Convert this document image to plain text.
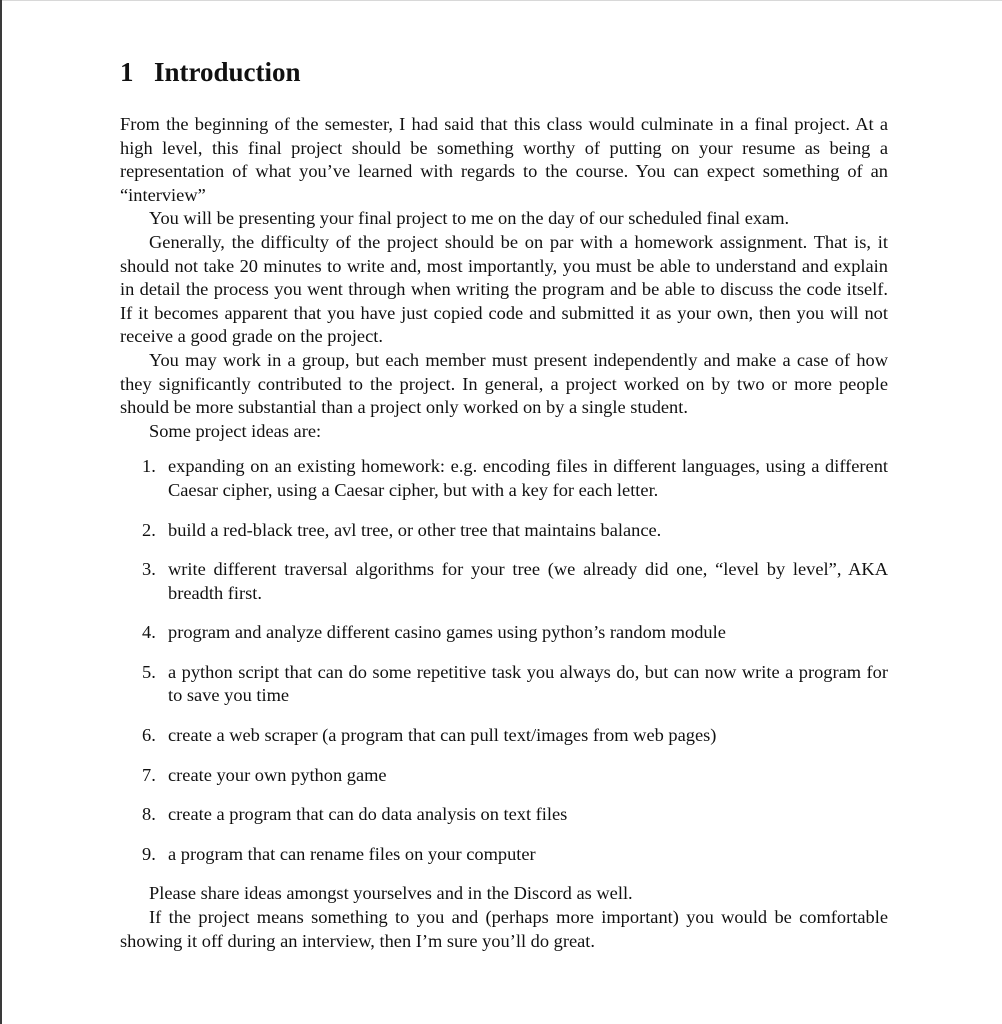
1 Introduction

From the beginning of the semester, I had said that this class would culminate in a final project. At a high level, this final project should be something worthy of putting on your resume as being a representation of what you’ve learned with regards to the course. You can expect something of an “interview”

You will be presenting your final project to me on the day of our scheduled final exam.

Generally, the difficulty of the project should be on par with a homework assignment. That is, it should not take 20 minutes to write and, most importantly, you must be able to understand and explain in detail the process you went through when writing the program and be able to discuss the code itself. If it becomes apparent that you have just copied code and submitted it as your own, then you will not receive a good grade on the project.

You may work in a group, but each member must present independently and make a case of how they significantly contributed to the project. In general, a project worked on by two or more people should be more substantial than a project only worked on by a single student.

Some project ideas are:

1. expanding on an existing homework: e.g. encoding files in different languages, using a different Caesar cipher, using a Caesar cipher, but with a key for each letter.
2. build a red-black tree, avl tree, or other tree that maintains balance.
3. write different traversal algorithms for your tree (we already did one, “level by level”, AKA breadth first.
4. program and analyze different casino games using python’s random module
5. a python script that can do some repetitive task you always do, but can now write a program for to save you time
6. create a web scraper (a program that can pull text/images from web pages)
7. create your own python game
8. create a program that can do data analysis on text files
9. a program that can rename files on your computer

Please share ideas amongst yourselves and in the Discord as well.

If the project means something to you and (perhaps more important) you would be comfortable showing it off during an interview, then I’m sure you’ll do great.
